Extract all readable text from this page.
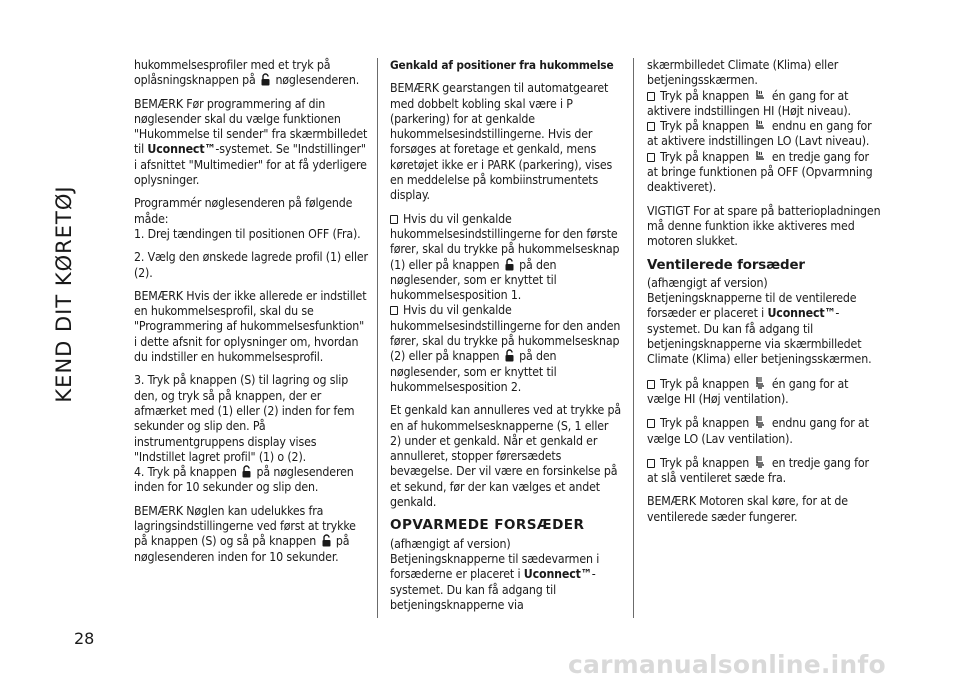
KEND DIT KØRETØJ
28

hukommelsesprofiler med et tryk på oplåsningsknappen på nøglesenderen.

BEMÆRK Før programmering af din nøglesender skal du vælge funktionen "Hukommelse til sender" fra skærmbilledet til Uconnect™-systemet. Se "Indstillinger" i afsnittet "Multimedier" for at få yderligere oplysninger.

Programmér nøglesenderen på følgende måde:

1. Drej tændingen til positionen OFF (Fra).

2. Vælg den ønskede lagrede profil (1) eller (2).

BEMÆRK Hvis der ikke allerede er indstillet en hukommelsesprofil, skal du se "Programmering af hukommelsesfunktion" i dette afsnit for oplysninger om, hvordan du indstiller en hukommelsesprofil.

3. Tryk på knappen (S) til lagring og slip den, og tryk så på knappen, der er afmærket med (1) eller (2) inden for fem sekunder og slip den. På instrumentgruppens display vises "Indstillet lagret profil" (1) o (2).

4. Tryk på knappen på nøglesenderen inden for 10 sekunder og slip den.

BEMÆRK Nøglen kan udelukkes fra lagringsindstillingerne ved først at trykke på knappen (S) og så på knappen på nøglesenderen inden for 10 sekunder.

Genkald af positioner fra hukommelse

BEMÆRK gearstangen til automatgearet med dobbelt kobling skal være i P (parkering) for at genkalde hukommelsesindstillingerne. Hvis der forsøges at foretage et genkald, mens køretøjet ikke er i PARK (parkering), vises en meddelelse på kombiinstrumentets display.

Hvis du vil genkalde hukommelsesindstillingerne for den første fører, skal du trykke på hukommelsesknap (1) eller på knappen på den nøglesender, som er knyttet til hukommelsesposition 1.

Hvis du vil genkalde hukommelsesindstillingerne for den anden fører, skal du trykke på hukommelsesknap (2) eller på knappen på den nøglesender, som er knyttet til hukommelsesposition 2.

Et genkald kan annulleres ved at trykke på en af hukommelsesknapperne (S, 1 eller 2) under et genkald. Når et genkald er annulleret, stopper førersædets bevægelse. Der vil være en forsinkelse på et sekund, før der kan vælges et andet genkald.

OPVARMEDE FORSÆDER

(afhængigt af version)

Betjeningsknapperne til sædevarmen i forsæderne er placeret i Uconnect™-systemet. Du kan få adgang til betjeningsknapperne via

skærmbilledet Climate (Klima) eller betjeningsskærmen.

Tryk på knappen én gang for at aktivere indstillingen HI (Højt niveau).

Tryk på knappen endnu en gang for at aktivere indstillingen LO (Lavt niveau).

Tryk på knappen en tredje gang for at bringe funktionen på OFF (Opvarmning deaktiveret).

VIGTIGT For at spare på batteriopladningen må denne funktion ikke aktiveres med motoren slukket.

Ventilerede forsæder

(afhængigt af version)

Betjeningsknapperne til de ventilerede forsæder er placeret i Uconnect™-systemet. Du kan få adgang til betjeningsknapperne via skærmbilledet Climate (Klima) eller betjeningsskærmen.

Tryk på knappen én gang for at vælge HI (Høj ventilation).

Tryk på knappen endnu gang for at vælge LO (Lav ventilation).

Tryk på knappen en tredje gang for at slå ventileret sæde fra.

BEMÆRK Motoren skal køre, for at de ventilerede sæder fungerer.

carmanualsonline.info
